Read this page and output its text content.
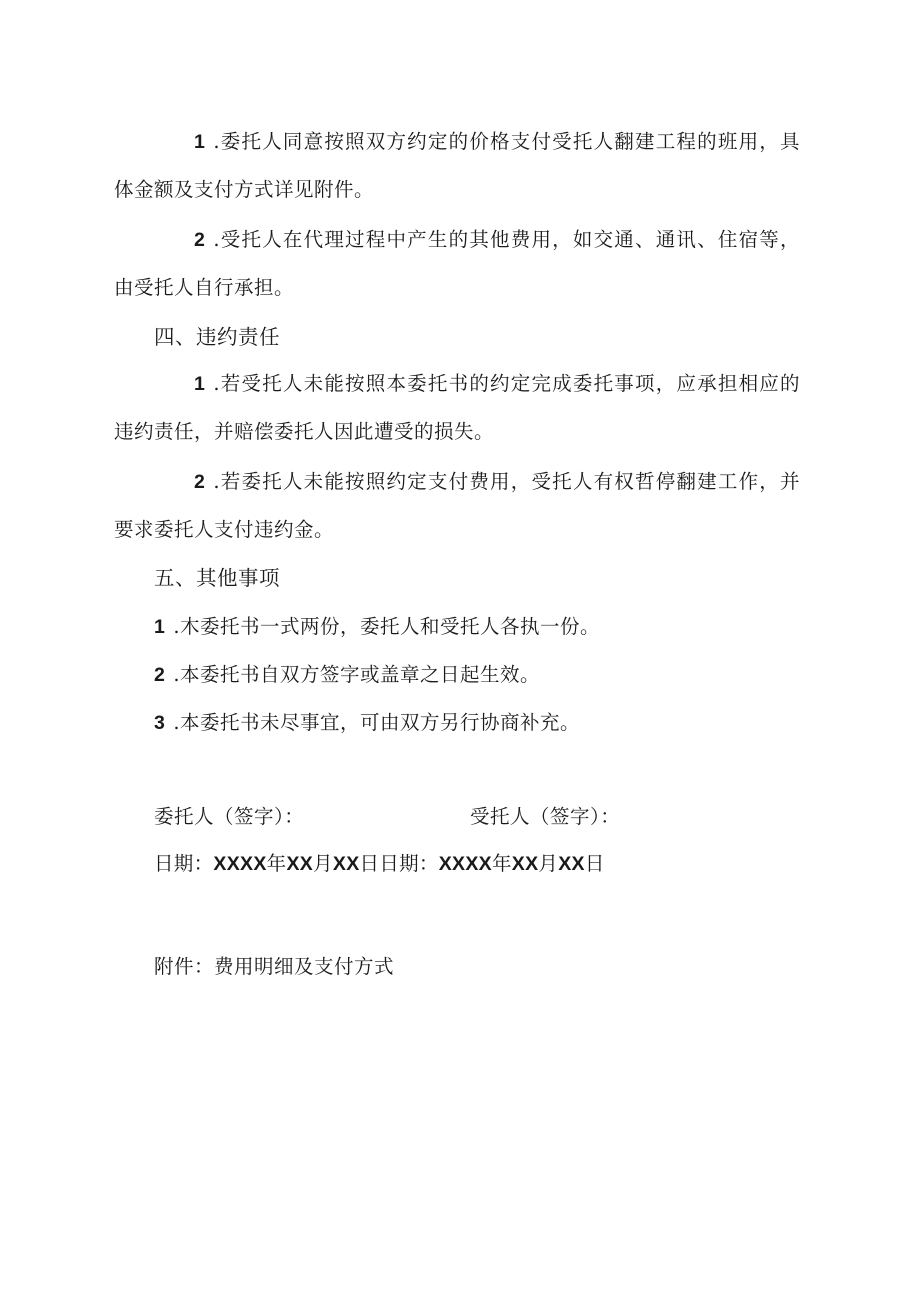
1 .委托人同意按照双方约定的价格支付受托人翻建工程的班用，具体金额及支付方式详见附件。

2 .受托人在代理过程中产生的其他费用，如交通、通讯、住宿等，由受托人自行承担。

四、违约责任

1 .若受托人未能按照本委托书的约定完成委托事项，应承担相应的违约责任，并赔偿委托人因此遭受的损失。

2 .若委托人未能按照约定支付费用，受托人有权哲停翻建工作，并要求委托人支付违约金。

五、其他事项

1 .木委托书一式两份，委托人和受托人各执一份。

2 .本委托书自双方签字或盖章之日起生效。

3 .本委托书未尽事宜，可由双方另行协商补充。

委托人（签字）：	受托人（签字）：
日期：XXXX年XX月XX日日期：XXXX年XX月XX日
附件：费用明细及支付方式
